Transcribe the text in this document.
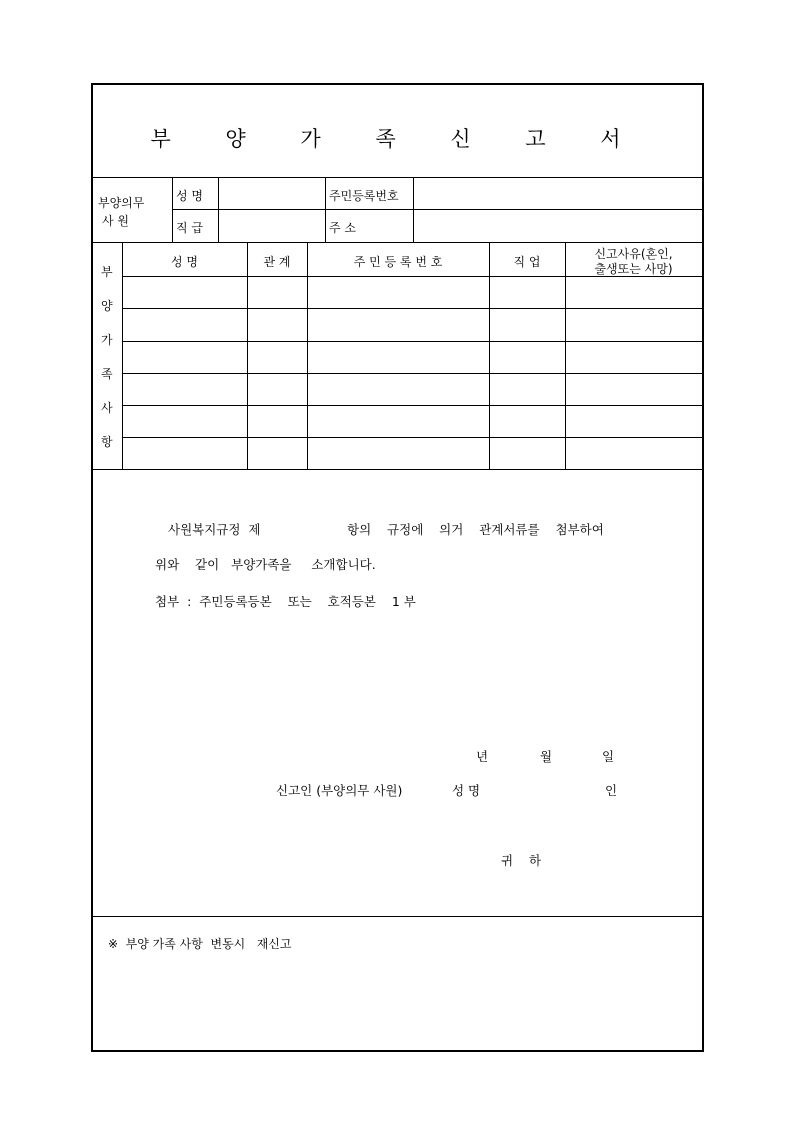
부 양 가 족 신 고 서
부양의무
사 원
성 명	주민등록번호
직 급	주 소
부
양
가
족
사
항
성 명	관 계	주 민 등 록 번 호	직 업
신고사유(혼인,
출생또는 사망)
사원복지규정  제	항의    규정에    의거    관계서류를    첨부하여
위와    같이   부양가족을     소개합니다.
첨부  :  주민등록등본    또는    호적등본    1 부
년	월	일
신고인 (부양의무 사원)	성 명	인
귀    하
※  부양 가족 사항  변동시   재신고
